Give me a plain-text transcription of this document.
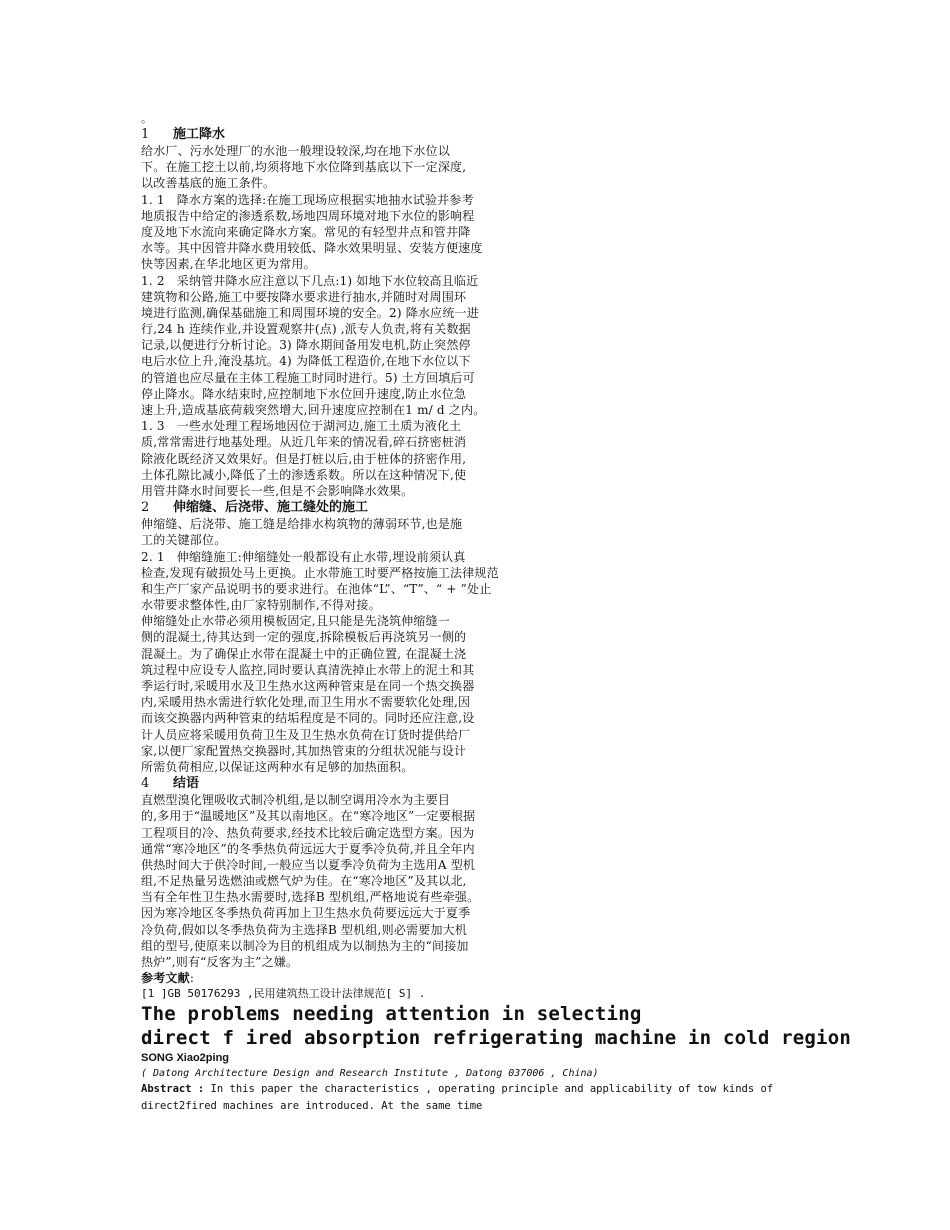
。
1 施工降水
给水厂、污水处理厂的水池一般埋设较深,均在地下水位以
下。在施工挖土以前,均须将地下水位降到基底以下一定深度,
以改善基底的施工条件。
1. 1   降水方案的选择:在施工现场应根据实地抽水试验并参考
地质报告中给定的渗透系数,场地四周环境对地下水位的影响程
度及地下水流向来确定降水方案。常见的有轻型井点和管井降
水等。其中因管井降水费用较低、降水效果明显、安装方便速度
快等因素,在华北地区更为常用。
1. 2   采纳管井降水应注意以下几点:1) 如地下水位较高且临近
建筑物和公路,施工中要按降水要求进行抽水,并随时对周围环
境进行监测,确保基础施工和周围环境的安全。2) 降水应统一进
行,24 h 连续作业,并设置观察井(点) ,派专人负责,将有关数据
记录,以便进行分析讨论。3) 降水期间备用发电机,防止突然停
电后水位上升,淹没基坑。4) 为降低工程造价,在地下水位以下
的管道也应尽量在主体工程施工时同时进行。5) 土方回填后可
停止降水。降水结束时,应控制地下水位回升速度,防止水位急
速上升,造成基底荷载突然增大,回升速度应控制在1 m/ d 之内。
1. 3   一些水处理工程场地因位于湖河边,施工土质为液化土
质,常常需进行地基处理。从近几年来的情况看,碎石挤密桩消
除液化既经济又效果好。但是打桩以后,由于桩体的挤密作用,
土体孔隙比减小,降低了土的渗透系数。所以在这种情况下,使
用管井降水时间要长一些,但是不会影响降水效果。
2 伸缩缝、后浇带、施工缝处的施工
伸缩缝、后浇带、施工缝是给排水构筑物的薄弱环节,也是施
工的关键部位。
2. 1   伸缩缝施工:伸缩缝处一般都设有止水带,埋设前须认真
检查,发现有破损处马上更换。止水带施工时要严格按施工法律规范
和生产厂家产品说明书的要求进行。在池体“L”、“T”、“ + ”处止
水带要求整体性,由厂家特别制作,不得对接。
伸缩缝处止水带必须用模板固定,且只能是先浇筑伸缩缝一
侧的混凝土,待其达到一定的强度,拆除模板后再浇筑另一侧的
混凝土。为了确保止水带在混凝土中的正确位置, 在混凝土浇
筑过程中应设专人监控,同时要认真清洗掉止水带上的泥土和其
季运行时,采暖用水及卫生热水这两种管束是在同一个热交换器
内,采暖用热水需进行软化处理,而卫生用水不需要软化处理,因
而该交换器内两种管束的结垢程度是不同的。同时还应注意,设
计人员应将采暖用负荷卫生及卫生热水负荷在订货时提供给厂
家,以便厂家配置热交换器时,其加热管束的分组状况能与设计
所需负荷相应,以保证这两种水有足够的加热面积。
4 结语
直燃型溴化锂吸收式制冷机组,是以制空调用冷水为主要目
的,多用于“温暖地区”及其以南地区。在“寒冷地区”一定要根据
工程项目的冷、热负荷要求,经技术比较后确定选型方案。因为
通常“寒冷地区”的冬季热负荷远远大于夏季冷负荷,并且全年内
供热时间大于供冷时间,一般应当以夏季冷负荷为主选用A 型机
组,不足热量另选燃油或燃气炉为佳。在“寒冷地区”及其以北,
当有全年性卫生热水需要时,选择B 型机组,严格地说有些牵强。
因为寒冷地区冬季热负荷再加上卫生热水负荷要远远大于夏季
冷负荷,假如以冬季热负荷为主选择B 型机组,则必需要加大机
组的型号,使原来以制冷为目的机组成为以制热为主的“间接加
热炉”,则有“反客为主”之嫌。
参考文献:
[1 ]GB 50176293 ,民用建筑热工设计法律规范[ S] .
The problems needing attention in selecting
direct f ired absorption refrigerating machine in cold region
SONG Xiao2ping
( Datong Architecture Design and Research Institute , Datong 037006 , China)
Abstract : In this paper the characteristics , operating principle and applicability of tow kinds of
direct2fired machines are introduced. At the same time
